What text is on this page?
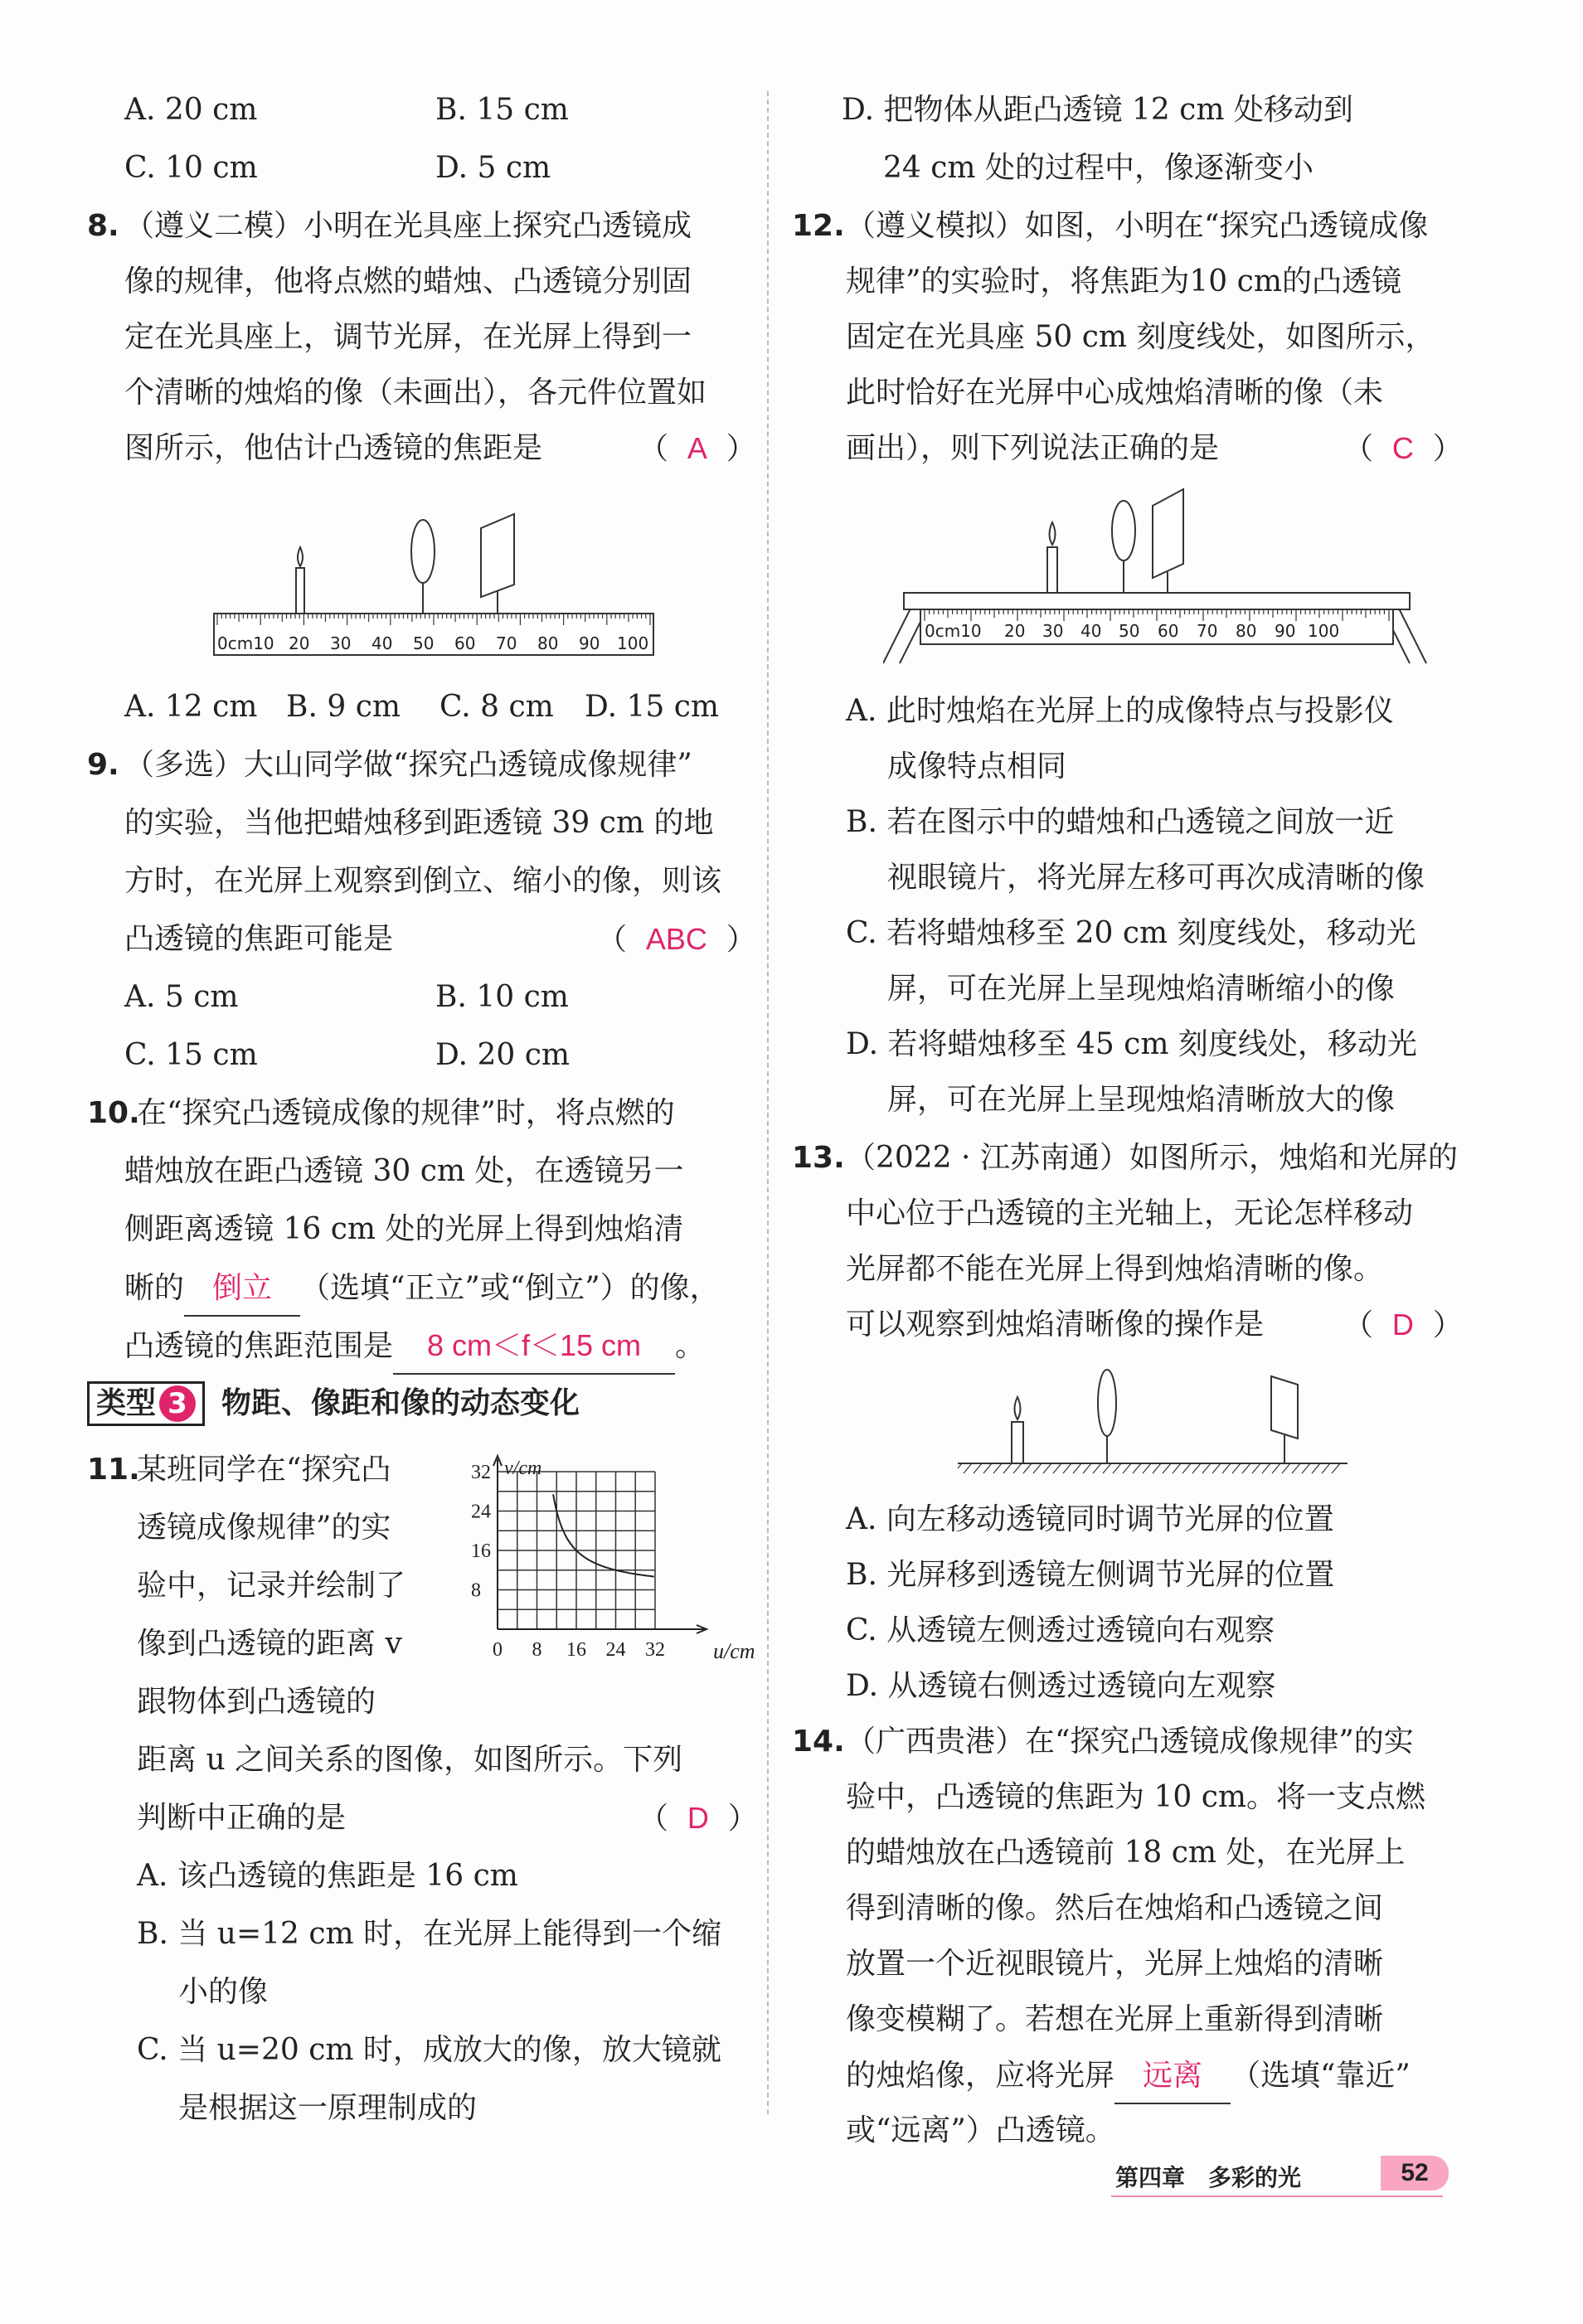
A. 20 cm	B. 15 cm
C. 10 cm	D. 5 cm
8. （遵义二模）小明在光具座上探究凸透镜成
像的规律，他将点燃的蜡烛、凸透镜分别固
定在光具座上，调节光屏，在光屏上得到一
个清晰的烛焰的像（未画出），各元件位置如
图所示，他估计凸透镜的焦距是	（  A  ）
0cm10 20 30 40 50 60 70 80 90 100
A. 12 cm B. 9 cm C. 8 cm D. 15 cm
9. （多选）大山同学做“探究凸透镜成像规律”
的实验，当他把蜡烛移到距透镜 39 cm 的地
方时，在光屏上观察到倒立、缩小的像，则该
凸透镜的焦距可能是	（  ABC  ）
A. 5 cm	B. 10 cm
C. 15 cm	D. 20 cm
10.
在“探究凸透镜成像的规律”时，将点燃的
蜡烛放在距凸透镜 30 cm 处，在透镜另一
侧距离透镜 16 cm 处的光屏上得到烛焰清
晰的 倒立 （选填“正立”或“倒立”）的像，
凸透镜的焦距范围是 8 cm＜f＜15 cm 。
类型 3 物距、像距和像的动态变化
11.
某班同学在“探究凸
透镜成像规律”的实
验中，记录并绘制了
像到凸透镜的距离 v
跟物体到凸透镜的
8
16
24
32
0 8 16 24 32
v/cm
u/cm
距离 u 之间关系的图像，如图所示。下列
判断中正确的是	（  D  ）
A. 该凸透镜的焦距是 16 cm
B. 当 u=12 cm 时，在光屏上能得到一个缩
小的像
C. 当 u=20 cm 时，成放大的像，放大镜就
是根据这一原理制成的
D. 把物体从距凸透镜 12 cm 处移动到
24 cm 处的过程中，像逐渐变小
12. （遵义模拟）如图，小明在“探究凸透镜成像
规律”的实验时，将焦距为10 cm的凸透镜
固定在光具座 50 cm 刻度线处，如图所示，
此时恰好在光屏中心成烛焰清晰的像（未
画出），则下列说法正确的是	（  C  ）
0cm10 20 30 40 50 60 70 80 90 100
A. 此时烛焰在光屏上的成像特点与投影仪
成像特点相同
B. 若在图示中的蜡烛和凸透镜之间放一近
视眼镜片，将光屏左移可再次成清晰的像
C. 若将蜡烛移至 20 cm 刻度线处，移动光
屏，可在光屏上呈现烛焰清晰缩小的像
D. 若将蜡烛移至 45 cm 刻度线处，移动光
屏，可在光屏上呈现烛焰清晰放大的像
13. （2022 · 江苏南通）如图所示，烛焰和光屏的
中心位于凸透镜的主光轴上，无论怎样移动
光屏都不能在光屏上得到烛焰清晰的像。
可以观察到烛焰清晰像的操作是	（  D  ）
A. 向左移动透镜同时调节光屏的位置
B. 光屏移到透镜左侧调节光屏的位置
C. 从透镜左侧透过透镜向右观察
D. 从透镜右侧透过透镜向左观察
14. （广西贵港）在“探究凸透镜成像规律”的实
验中，凸透镜的焦距为 10 cm。将一支点燃
的蜡烛放在凸透镜前 18 cm 处，在光屏上
得到清晰的像。然后在烛焰和凸透镜之间
放置一个近视眼镜片，光屏上烛焰的清晰
像变模糊了。若想在光屏上重新得到清晰
的烛焰像，应将光屏 远离 （选填“靠近”
或“远离”）凸透镜。
第四章　多彩的光	52
